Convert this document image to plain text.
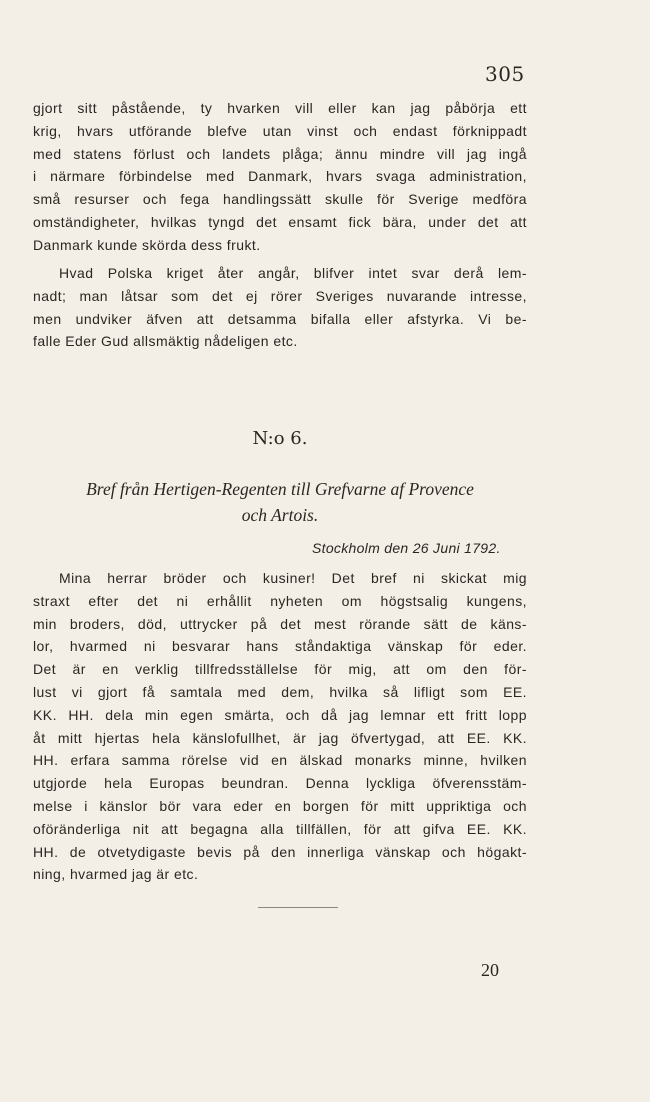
305

gjort sitt påstående, ty hvarken vill eller kan jag påbörja ett
krig, hvars utförande blefve utan vinst och endast förknippadt
med statens förlust och landets plåga; ännu mindre vill jag ingå
i närmare förbindelse med Danmark, hvars svaga administration,
små resurser och fega handlingssätt skulle för Sverige medföra
omständigheter, hvilkas tyngd det ensamt fick bära, under det att
Danmark kunde skörda dess frukt.

Hvad Polska kriget åter angår, blifver intet svar derå lem-
nadt; man låtsar som det ej rörer Sveriges nuvarande intresse,
men undviker äfven att detsamma bifalla eller afstyrka. Vi be-
falle Eder Gud allsmäktig nådeligen etc.

N:o 6.
Bref från Hertigen-Regenten till Grefvarne af Provence
och Artois.
Stockholm den 26 Juni 1792.

Mina herrar bröder och kusiner! Det bref ni skickat mig
straxt efter det ni erhållit nyheten om högstsalig kungens,
min broders, död, uttrycker på det mest rörande sätt de käns-
lor, hvarmed ni besvarar hans ståndaktiga vänskap för eder.
Det är en verklig tillfredsställelse för mig, att om den för-
lust vi gjort få samtala med dem, hvilka så lifligt som EE.
KK. HH. dela min egen smärta, och då jag lemnar ett fritt lopp
åt mitt hjertas hela känslofullhet, är jag öfvertygad, att EE. KK.
HH. erfara samma rörelse vid en älskad monarks minne, hvilken
utgjorde hela Europas beundran. Denna lyckliga öfverensstäm-
melse i känslor bör vara eder en borgen för mitt uppriktiga och
oföränderliga nit att begagna alla tillfällen, för att gifva EE. KK.
HH. de otvetydigaste bevis på den innerliga vänskap och högakt-
ning, hvarmed jag är etc.

20
